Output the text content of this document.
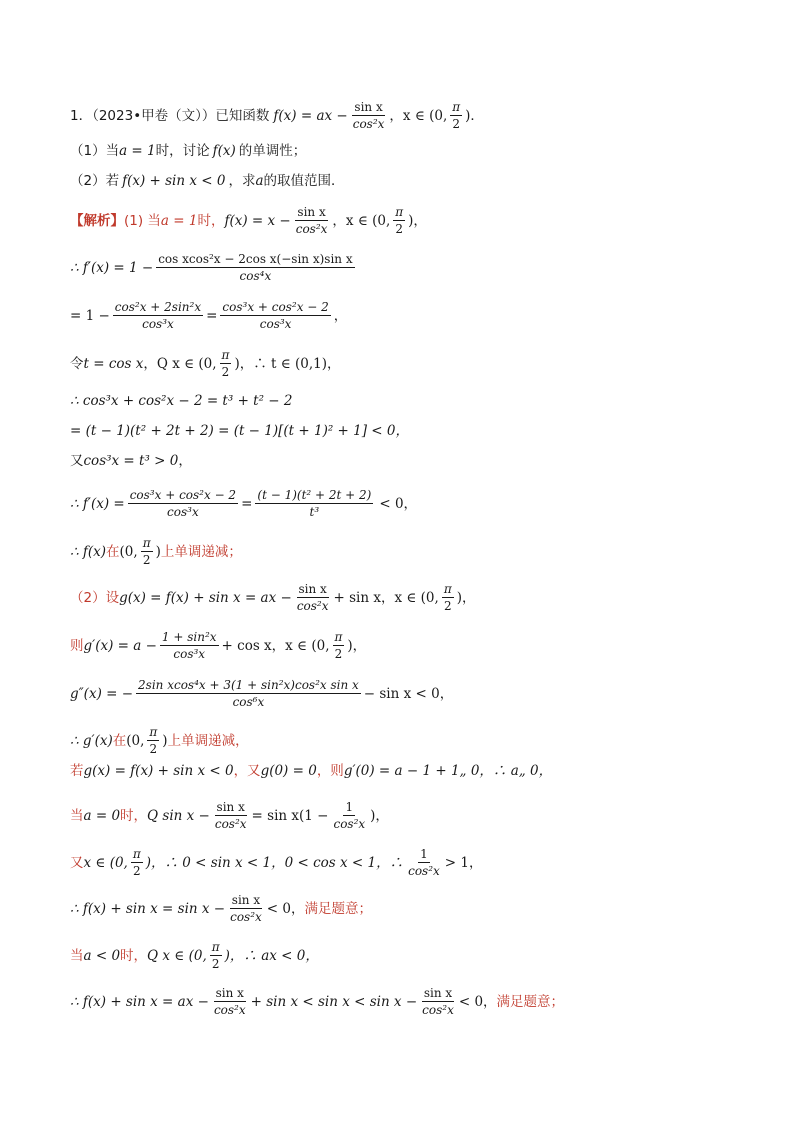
1．（2023•甲卷（文））已知函数 f(x) = ax − $\frac{\text{sin x}}{\text{cos²x}}$ ，x ∈ (0, $\frac{\pi}{2}$ )．
（1）当 a = 1 时，讨论 f(x) 的单调性；
（2）若 f(x) + sin x < 0 ，求 a 的取值范围．
【解析】 (1) 当 a = 1 时， $f(x) = x - \frac{\text{sin x}}{\text{cos²x}}$ ，x ∈ (0, $\frac{\pi}{2}$ )，
∴ $f'(x) = 1 - \frac{\text{cos xcos²x − 2cos x(−sin x)sin x}}{\text{cos⁴x}}$
= $1 - \frac{\text{cos²x + 2sin²x}}{\text{cos³x}} = \frac{\text{cos³x + cos²x − 2}}{\text{cos³x}}$ ，
令 t = cos x ，Q x ∈ (0, $\frac{\pi}{2}$ )，∴ t ∈ (0,1)，
∴ cos³x + cos²x − 2 = t³ + t² − 2
= (t − 1)(t² + 2t + 2) = (t − 1)[(t + 1)² + 1] < 0，
又 cos³x = t³ > 0 ，
∴ $f'(x) = \frac{\text{cos³x + cos²x − 2}}{\text{cos³x}} = \frac{\text{(t − 1)(t² + 2t + 2)}}{\text{t³}} < 0$，
∴ f(x) 在 (0, $\frac{\pi}{2}$ ) 上单调递减；
（2）设 g(x) = f(x) + sin x = ax − $\frac{\text{sin x}}{\text{cos²x}} + \sin x$，x ∈ (0, $\frac{\pi}{2}$ )，
则 $g'(x) = a - \frac{\text{1 + sin²x}}{\text{cos³x}} + \cos x$，x ∈ (0, $\frac{\pi}{2}$ )，
g″(x) = − $\frac{\text{2sin xcos⁴x + 3(1 + sin²x)cos²x sin x}}{\text{cos⁶x}} - \sin x < 0$，
∴ g′(x) 在 (0, $\frac{\pi}{2}$ ) 上单调递减，
若 g(x) = f(x) + sin x < 0 ，又 g(0) = 0 ，则 g′(0) = a − 1 + 1„ 0，∴ a„ 0，
当 a = 0 时， Q $\sin x - \frac{\text{sin x}}{\text{cos²x}} = \sin x(1 - \frac{1}{\text{cos²x}}$ )，
又 x ∈ (0, $\frac{\pi}{2}$ )，∴ 0 < sin x < 1，0 < cos x < 1，∴ $\frac{1}{\text{cos²x}} > 1$，
∴ $f(x) + \sin x = \sin x - \frac{\text{sin x}}{\text{cos²x}} < 0$， 满足题意；
当 a < 0 时， Q x ∈ (0, $\frac{\pi}{2}$ )，∴ ax < 0，
∴ f(x) + sin x = ax − $\frac{\text{sin x}}{\text{cos²x}} + \sin x < \sin x < \sin x - \frac{\text{sin x}}{\text{cos²x}} < 0$， 满足题意；
